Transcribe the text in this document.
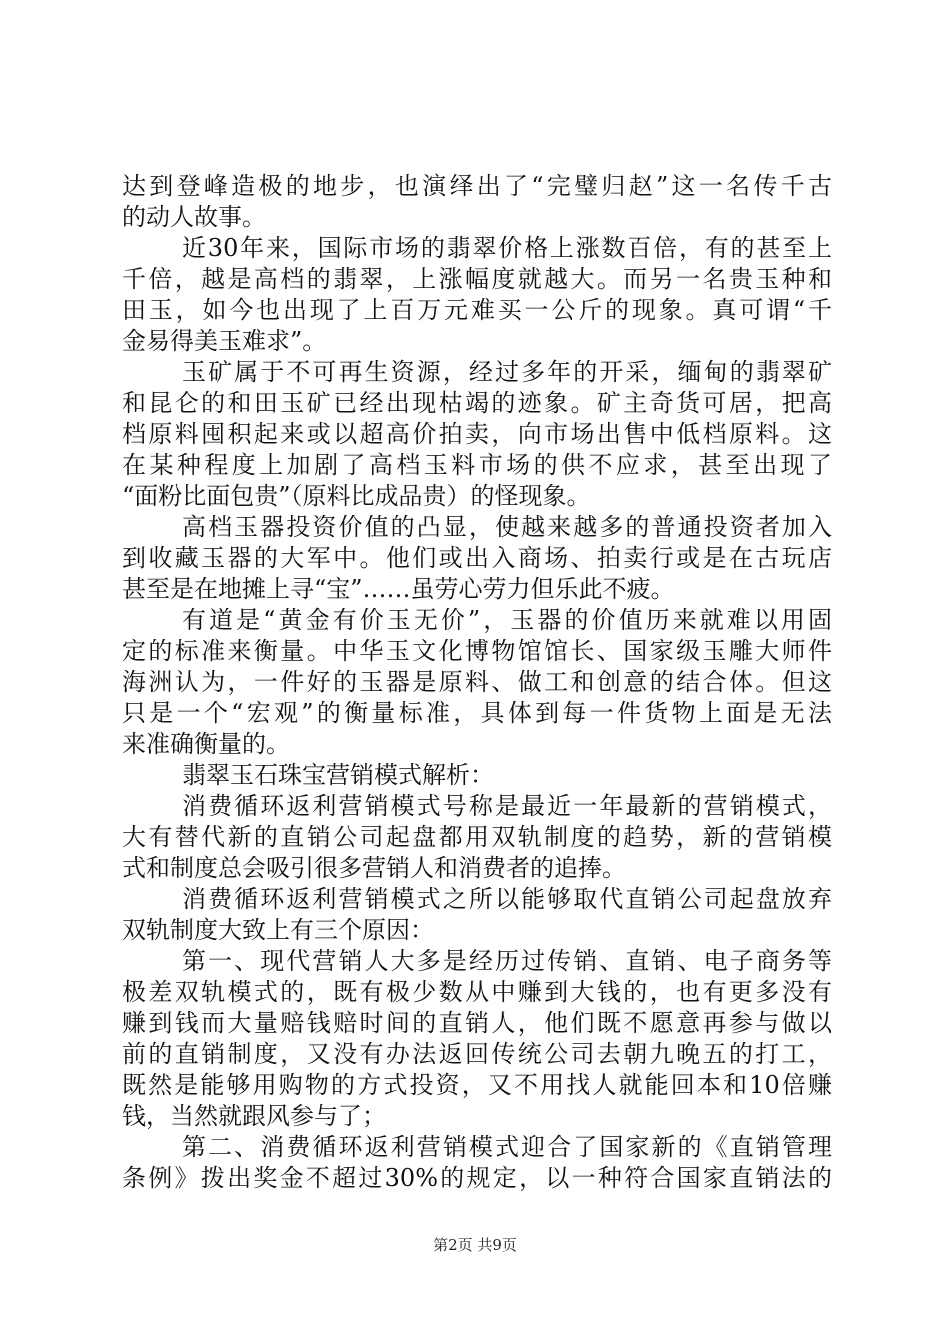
达到登峰造极的地步，也演绎出了“完璧归赵”这一名传千古
的动人故事。
近30年来，国际市场的翡翠价格上涨数百倍，有的甚至上
千倍，越是高档的翡翠，上涨幅度就越大。而另一名贵玉种和
田玉，如今也出现了上百万元难买一公斤的现象。真可谓“千
金易得美玉难求”。
玉矿属于不可再生资源，经过多年的开采，缅甸的翡翠矿
和昆仑的和田玉矿已经出现枯竭的迹象。矿主奇货可居，把高
档原料囤积起来或以超高价拍卖，向市场出售中低档原料。这
在某种程度上加剧了高档玉料市场的供不应求，甚至出现了
“面粉比面包贵”（原料比成品贵）的怪现象。
高档玉器投资价值的凸显，使越来越多的普通投资者加入
到收藏玉器的大军中。他们或出入商场、拍卖行或是在古玩店
甚至是在地摊上寻“宝”……虽劳心劳力但乐此不疲。
有道是“黄金有价玉无价”，玉器的价值历来就难以用固
定的标准来衡量。中华玉文化博物馆馆长、国家级玉雕大师件
海洲认为，一件好的玉器是原料、做工和创意的结合体。但这
只是一个“宏观”的衡量标准，具体到每一件货物上面是无法
来准确衡量的。
翡翠玉石珠宝营销模式解析：
消费循环返利营销模式号称是最近一年最新的营销模式，
大有替代新的直销公司起盘都用双轨制度的趋势，新的营销模
式和制度总会吸引很多营销人和消费者的追捧。
消费循环返利营销模式之所以能够取代直销公司起盘放弃
双轨制度大致上有三个原因：
第一、现代营销人大多是经历过传销、直销、电子商务等
极差双轨模式的，既有极少数从中赚到大钱的，也有更多没有
赚到钱而大量赔钱赔时间的直销人，他们既不愿意再参与做以
前的直销制度，又没有办法返回传统公司去朝九晚五的打工，
既然是能够用购物的方式投资，又不用找人就能回本和10倍赚
钱，当然就跟风参与了；
第二、消费循环返利营销模式迎合了国家新的《直销管理
条例》拨出奖金不超过30%的规定，以一种符合国家直销法的
第2页 共9页
